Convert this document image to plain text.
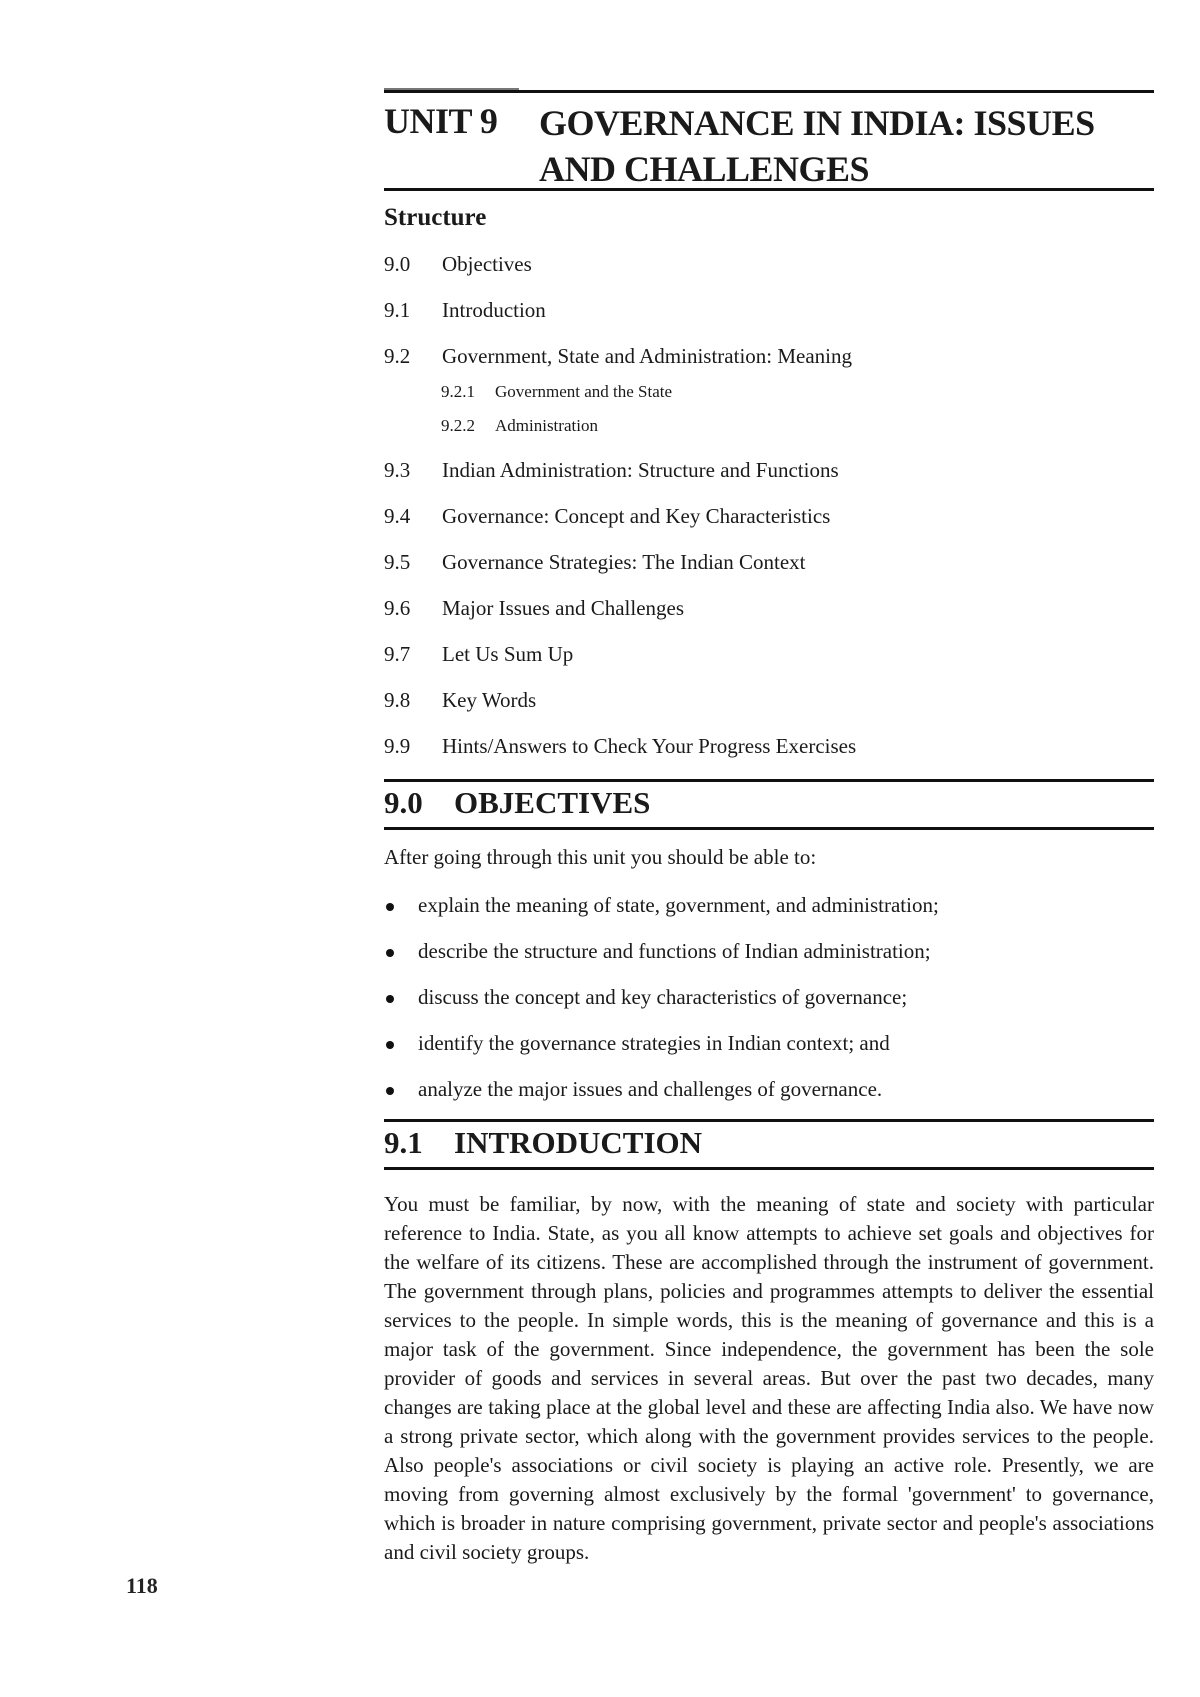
UNIT 9 GOVERNANCE IN INDIA: ISSUES AND CHALLENGES
Structure
9.0 Objectives
9.1 Introduction
9.2 Government, State and Administration: Meaning
9.2.1 Government and the State
9.2.2 Administration
9.3 Indian Administration: Structure and Functions
9.4 Governance: Concept and Key Characteristics
9.5 Governance Strategies: The Indian Context
9.6 Major Issues and Challenges
9.7 Let Us Sum Up
9.8 Key Words
9.9 Hints/Answers to Check Your Progress Exercises
9.0 OBJECTIVES
After going through this unit you should be able to:
explain the meaning of state, government, and administration;
describe the structure and functions of Indian administration;
discuss the concept and key characteristics of governance;
identify the governance strategies in Indian context; and
analyze the major issues and challenges of governance.
9.1 INTRODUCTION
You must be familiar, by now, with the meaning of state and society with particular reference to India. State, as you all know attempts to achieve set goals and objectives for the welfare of its citizens. These are accomplished through the instrument of government. The government through plans, policies and programmes attempts to deliver the essential services to the people. In simple words, this is the meaning of governance and this is a major task of the government. Since independence, the government has been the sole provider of goods and services in several areas. But over the past two decades, many changes are taking place at the global level and these are affecting India also. We have now a strong private sector, which along with the government provides services to the people. Also people's associations or civil society is playing an active role. Presently, we are moving from governing almost exclusively by the formal 'government' to governance, which is broader in nature comprising government, private sector and people's associations and civil society groups.
118
